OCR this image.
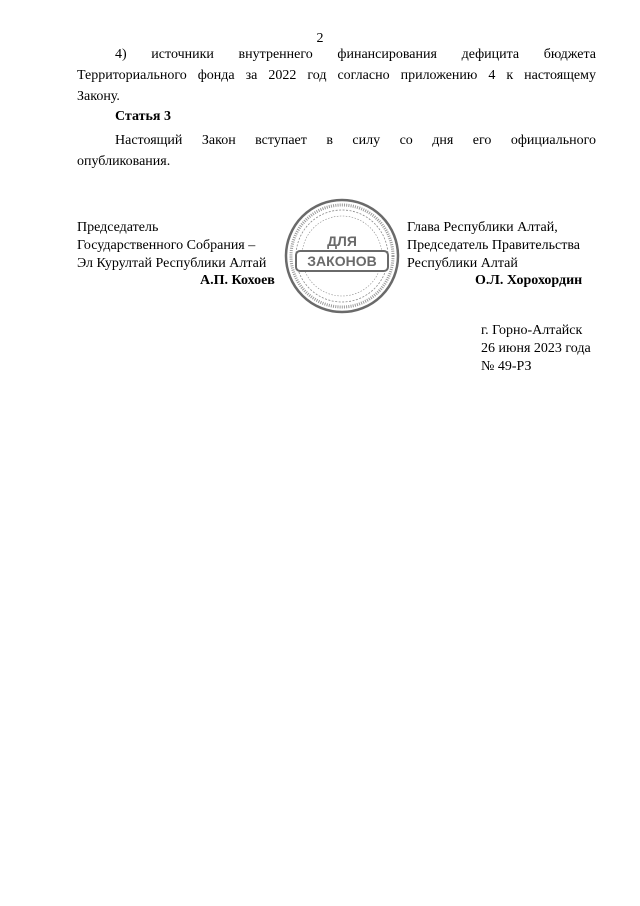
2
4) источники внутреннего финансирования дефицита бюджета
Территориального фонда за 2022 год согласно приложению 4 к настоящему
Закону.
Статья 3
Настоящий Закон вступает в силу со дня его официального
опубликования.
Председатель
Государственного Собрания –
Эл Курултай Республики Алтай
А.П. Кохоев
ДЛЯ
ЗАКОНОВ
Глава Республики Алтай,
Председатель Правительства
Республики Алтай
О.Л. Хорохордин
г. Горно-Алтайск
26 июня 2023 года
№ 49-РЗ
